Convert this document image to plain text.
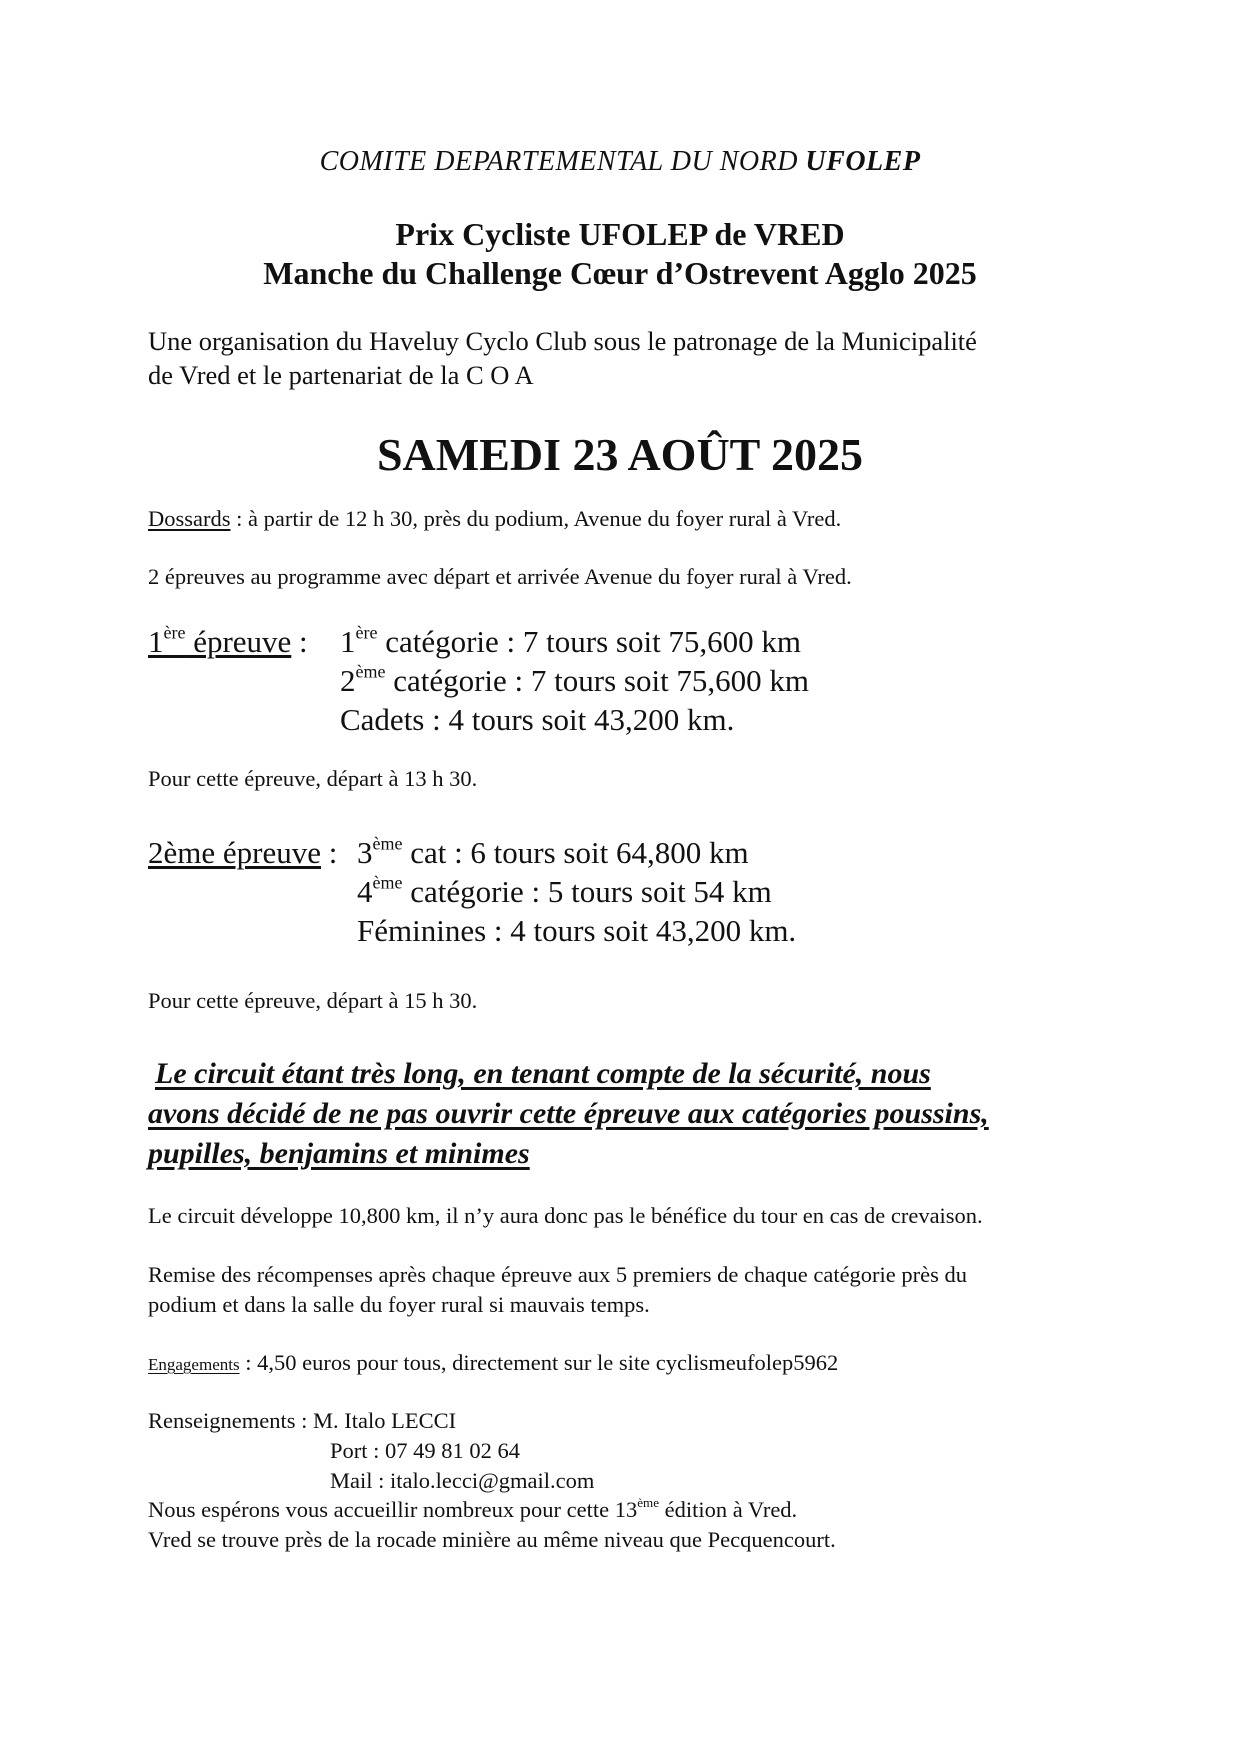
COMITE DEPARTEMENTAL DU NORD UFOLEP

Prix Cycliste UFOLEP de VRED

Manche du Challenge Cœur d’Ostrevent Agglo 2025

Une organisation du Haveluy Cyclo Club sous le patronage de la Municipalité

de Vred et le partenariat de la C O A

SAMEDI 23 AOÛT 2025

Dossards : à partir de 12 h 30, près du podium, Avenue du foyer rural à Vred.

2 épreuves au programme avec départ et arrivée Avenue du foyer rural à Vred.

1ère épreuve : 1ère catégorie : 7 tours soit 75,600 km

2ème catégorie : 7 tours soit 75,600 km

Cadets : 4 tours soit 43,200 km.

Pour cette épreuve, départ à 13 h 30.

2ème épreuve : 3ème cat : 6 tours soit 64,800 km

4ème catégorie : 5 tours soit 54 km

Féminines : 4 tours soit 43,200 km.

Pour cette épreuve, départ à 15 h 30.

Le circuit étant très long, en tenant compte de la sécurité, nous

avons décidé de ne pas ouvrir cette épreuve aux catégories poussins,

pupilles, benjamins et minimes

Le circuit développe 10,800 km, il n’y aura donc pas le bénéfice du tour en cas de crevaison.

Remise des récompenses après chaque épreuve aux 5 premiers de chaque catégorie près du

podium et dans la salle du foyer rural si mauvais temps.

Engagements : 4,50 euros pour tous, directement sur le site cyclismeufolep5962

Renseignements : M. Italo LECCI

Port : 07 49 81 02 64

Mail : italo.lecci@gmail.com

Nous espérons vous accueillir nombreux pour cette 13ème édition à Vred.

Vred se trouve près de la rocade minière au même niveau que Pecquencourt.
